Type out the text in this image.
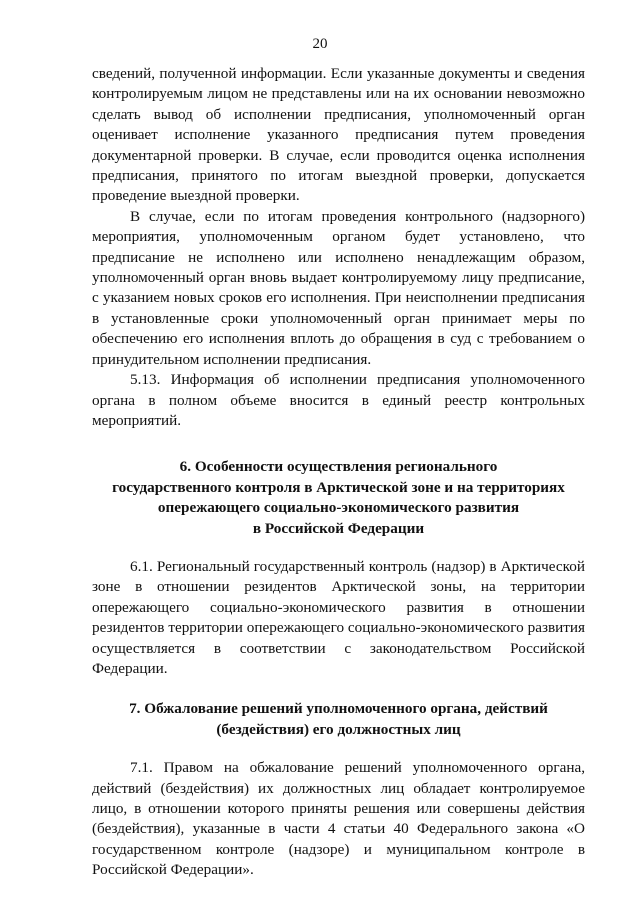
20

сведений, полученной информации. Если указанные документы и сведения контролируемым лицом не представлены или на их основании невозможно сделать вывод об исполнении предписания, уполномоченный орган оценивает исполнение указанного предписания путем проведения документарной проверки. В случае, если проводится оценка исполнения предписания, принятого по итогам выездной проверки, допускается проведение выездной проверки.

В случае, если по итогам проведения контрольного (надзорного) мероприятия, уполномоченным органом будет установлено, что предписание не исполнено или исполнено ненадлежащим образом, уполномоченный орган вновь выдает контролируемому лицу предписание, с указанием новых сроков его исполнения. При неисполнении предписания в установленные сроки уполномоченный орган принимает меры по обеспечению его исполнения вплоть до обращения в суд с требованием о принудительном исполнении предписания.

5.13. Информация об исполнении предписания уполномоченного органа в полном объеме вносится в единый реестр контрольных мероприятий.

6. Особенности осуществления регионального
государственного контроля в Арктической зоне и на территориях
опережающего социально-экономического развития
в Российской Федерации

6.1. Региональный государственный контроль (надзор) в Арктической зоне в отношении резидентов Арктической зоны, на территории опережающего социально-экономического развития в отношении резидентов территории опережающего социально-экономического развития осуществляется в соответствии с законодательством Российской Федерации.

7. Обжалование решений уполномоченного органа, действий
(бездействия) его должностных лиц

7.1. Правом на обжалование решений уполномоченного органа, действий (бездействия) их должностных лиц обладает контролируемое лицо, в отношении которого приняты решения или совершены действия (бездействия), указанные в части 4 статьи 40 Федерального закона «О государственном контроле (надзоре) и муниципальном контроле в Российской Федерации».
